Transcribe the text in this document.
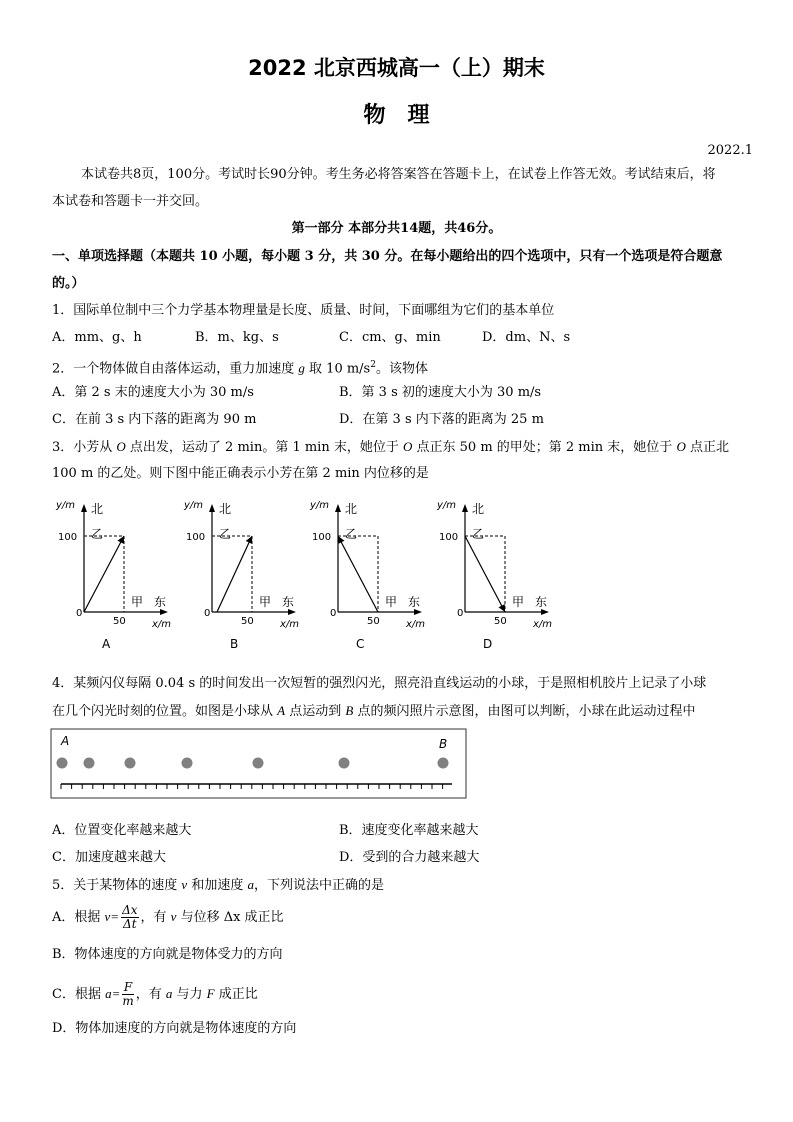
2022 北京西城高一（上）期末
物　理
2022.1
本试卷共8页，100分。考试时长90分钟。考生务必将答案答在答题卡上，在试卷上作答无效。考试结束后，将
本试卷和答题卡一并交回。
第一部分 本部分共14题，共46分。
一、单项选择题（本题共 10 小题，每小题 3 分，共 30 分。在每小题给出的四个选项中，只有一个选项是符合题意
的。）
1．国际单位制中三个力学基本物理量是长度、质量、时间，下面哪组为它们的基本单位
A．mm、g、h	B．m、kg、s	C．cm、g、min	D．dm、N、s
2．一个物体做自由落体运动，重力加速度 g 取 10 $m/s^2$。该物体
A．第 2 s 末的速度大小为 30 m/s	B．第 3 s 初的速度大小为 30 m/s
C．在前 3 s 内下落的距离为 90 m	D．在第 3 s 内下落的距离为 25 m
3．小芳从 O 点出发，运动了 2 min。第 1 min 末，她位于 O 点正东 50 m 的甲处；第 2 min 末，她位于 O 点正北
100 m 的乙处。则下图中能正确表示小芳在第 2 min 内位移的是
y/m 北
100 乙
0
50
甲 东
x/m
A
y/m 北
100 乙
0
50
甲 东
x/m
B
y/m 北
100 乙
0
50
甲 东
x/m
C
y/m 北
100 乙
0
50
甲 东
x/m
D
4．某频闪仪每隔 0.04 s 的时间发出一次短暂的强烈闪光，照亮沿直线运动的小球，于是照相机胶片上记录了小球
在几个闪光时刻的位置。如图是小球从 A 点运动到 B 点的频闪照片示意图，由图可以判断，小球在此运动过程中
A	B
A．位置变化率越来越大	B．速度变化率越来越大
C．加速度越来越大	D．受到的合力越来越大
5．关于某物体的速度 v 和加速度 a，下列说法中正确的是
A．根据 $v= \frac{\Delta x}{\Delta t}$ ，有 v 与位移 Δx 成正比
B．物体速度的方向就是物体受力的方向
C．根据 $a= \frac{F}{m}$ ，有 a 与力 F 成正比
D．物体加速度的方向就是物体速度的方向
